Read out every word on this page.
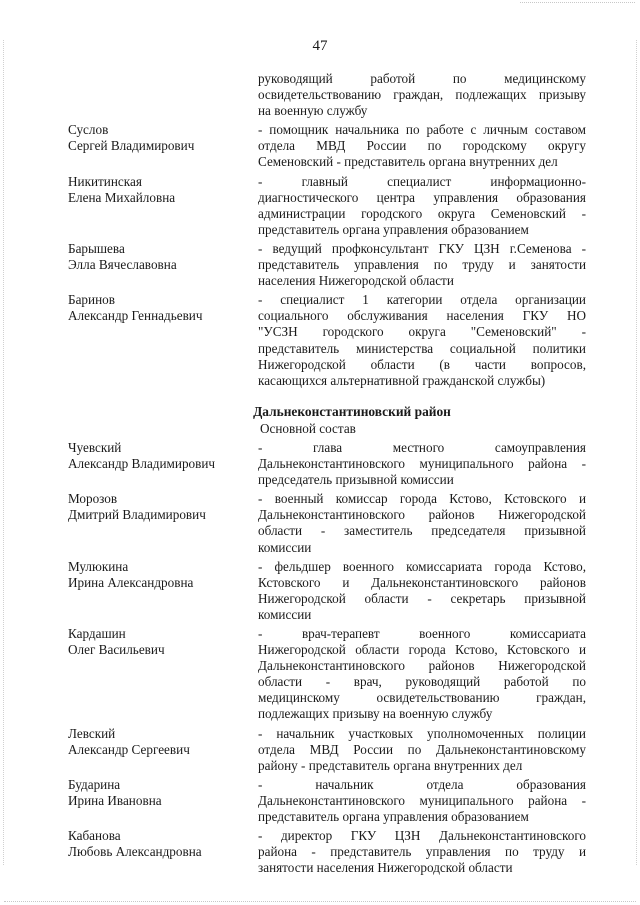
47
руководящий работой по медицинскому
освидетельствованию граждан, подлежащих призыву
на военную службу
Суслов
Сергей Владимирович
- помощник начальника по работе с личным составом
отдела МВД России по городскому округу
Семеновский - представитель органа внутренних дел
Никитинская
Елена Михайловна
- главный специалист информационно-
диагностического центра управления образования
администрации городского округа Семеновский -
представитель органа управления образованием
Барышева
Элла Вячеславовна
- ведущий профконсультант ГКУ ЦЗН г.Семенова -
представитель управления по труду и занятости
населения Нижегородской области
Баринов
Александр Геннадьевич
- специалист 1 категории отдела организации
социального обслуживания населения ГКУ НО
"УСЗН городского округа "Семеновский" -
представитель министерства социальной политики
Нижегородской области (в части вопросов,
касающихся альтернативной гражданской службы)
Дальнеконстантиновский район
Основной состав
Чуевский
Александр Владимирович
- глава местного самоуправления
Дальнеконстантиновского муниципального района -
председатель призывной комиссии
Морозов
Дмитрий Владимирович
- военный комиссар города Кстово, Кстовского и
Дальнеконстантиновского районов Нижегородской
области - заместитель председателя призывной
комиссии
Мулюкина
Ирина Александровна
- фельдшер военного комиссариата города Кстово,
Кстовского и Дальнеконстантиновского районов
Нижегородской области - секретарь призывной
комиссии
Кардашин
Олег Васильевич
- врач-терапевт военного комиссариата
Нижегородской области города Кстово, Кстовского и
Дальнеконстантиновского районов Нижегородской
области - врач, руководящий работой по
медицинскому освидетельствованию граждан,
подлежащих призыву на военную службу
Левский
Александр Сергеевич
- начальник участковых уполномоченных полиции
отдела МВД России по Дальнеконстантиновскому
району - представитель органа внутренних дел
Бударина
Ирина Ивановна
- начальник отдела образования
Дальнеконстантиновского муниципального района -
представитель органа управления образованием
Кабанова
Любовь Александровна
- директор ГКУ ЦЗН Дальнеконстантиновского
района - представитель управления по труду и
занятости населения Нижегородской области
